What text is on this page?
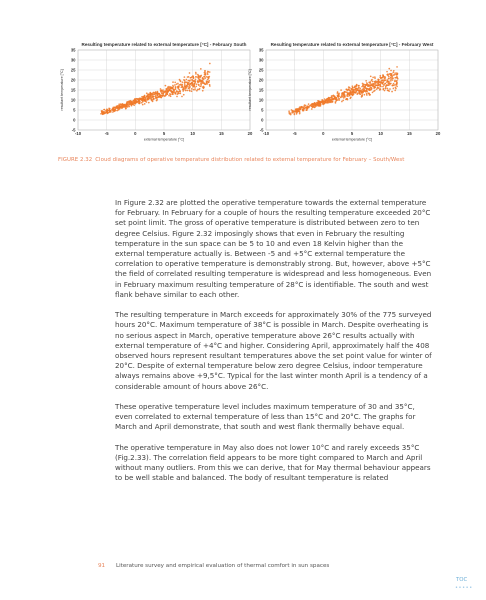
Resulting temperature related to external temperature [°C] - February South
-5
0
5
10
15
20
25
30
35
-10	-5	0	5	10	15	20
external temperature [°C]
resultant temperature [°C]
Resulting temperature related to external temperature [°C] - February West
-5
0
5
10
15
20
25
30
35
-10	-5	0	5	10	15	20
external temperature [°C]
resultant temperature [°C]
FIGURE 2.32 Cloud diagrams of operative temperature distribution related to external temperature for February – South/West

In Figure 2.32 are plotted the operative temperature towards the external temperature for February. In February for a couple of hours the resulting temperature exceeded 20°C set point limit. The gross of operative temperature is distributed between zero to ten degree Celsius. Figure 2.32 imposingly shows that even in February the resulting temperature in the sun space can be 5 to 10 and even 18 Kelvin higher than the external temperature actually is. Between -5 and +5°C external temperature the correlation to operative temperature is demonstrably strong. But, however, above +5°C the field of correlated resulting temperature is widespread and less homogeneous. Even in February maximum resulting temperature of 28°C is identifiable. The south and west flank behave similar to each other.

The resulting temperature in March exceeds for approximately 30% of the 775 surveyed hours 20°C. Maximum temperature of 38°C is possible in March. Despite overheating is no serious aspect in March, operative temperature above 26°C results actually with external temperature of +4°C and higher. Considering April, approximately half the 408 observed hours represent resultant temperatures above the set point value for winter of 20°C. Despite of external temperature below zero degree Celsius, indoor temperature always remains above +9,5°C. Typical for the last winter month April is a tendency of a considerable amount of hours above 26°C.

These operative temperature level includes maximum temperature of 30 and 35°C, even correlated to external temperature of less than 15°C and 20°C. The graphs for March and April demonstrate, that south and west flank thermally behave equal.

The operative temperature in May also does not lower 10°C and rarely exceeds 35°C (Fig.2.33). The correlation field appears to be more tight compared to March and April without many outliers. From this we can derive, that for May thermal behaviour appears to be well stable and balanced. The body of resultant temperature is related

91 Literature survey and empirical evaluation of thermal comfort in sun spaces
TOC
•••••
